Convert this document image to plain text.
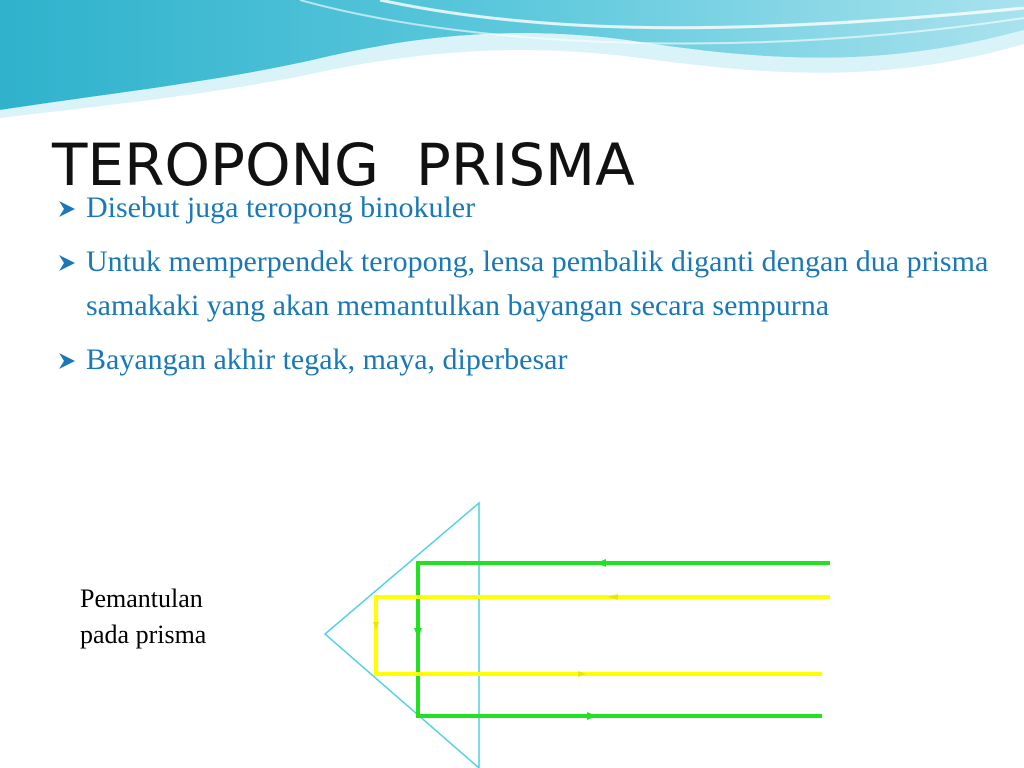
TEROPONG  PRISMA
Disebut juga teropong binokuler
Untuk memperpendek teropong, lensa pembalik diganti dengan dua prisma samakaki yang akan memantulkan bayangan secara sempurna
Bayangan akhir tegak, maya, diperbesar
Pemantulan
pada prisma
